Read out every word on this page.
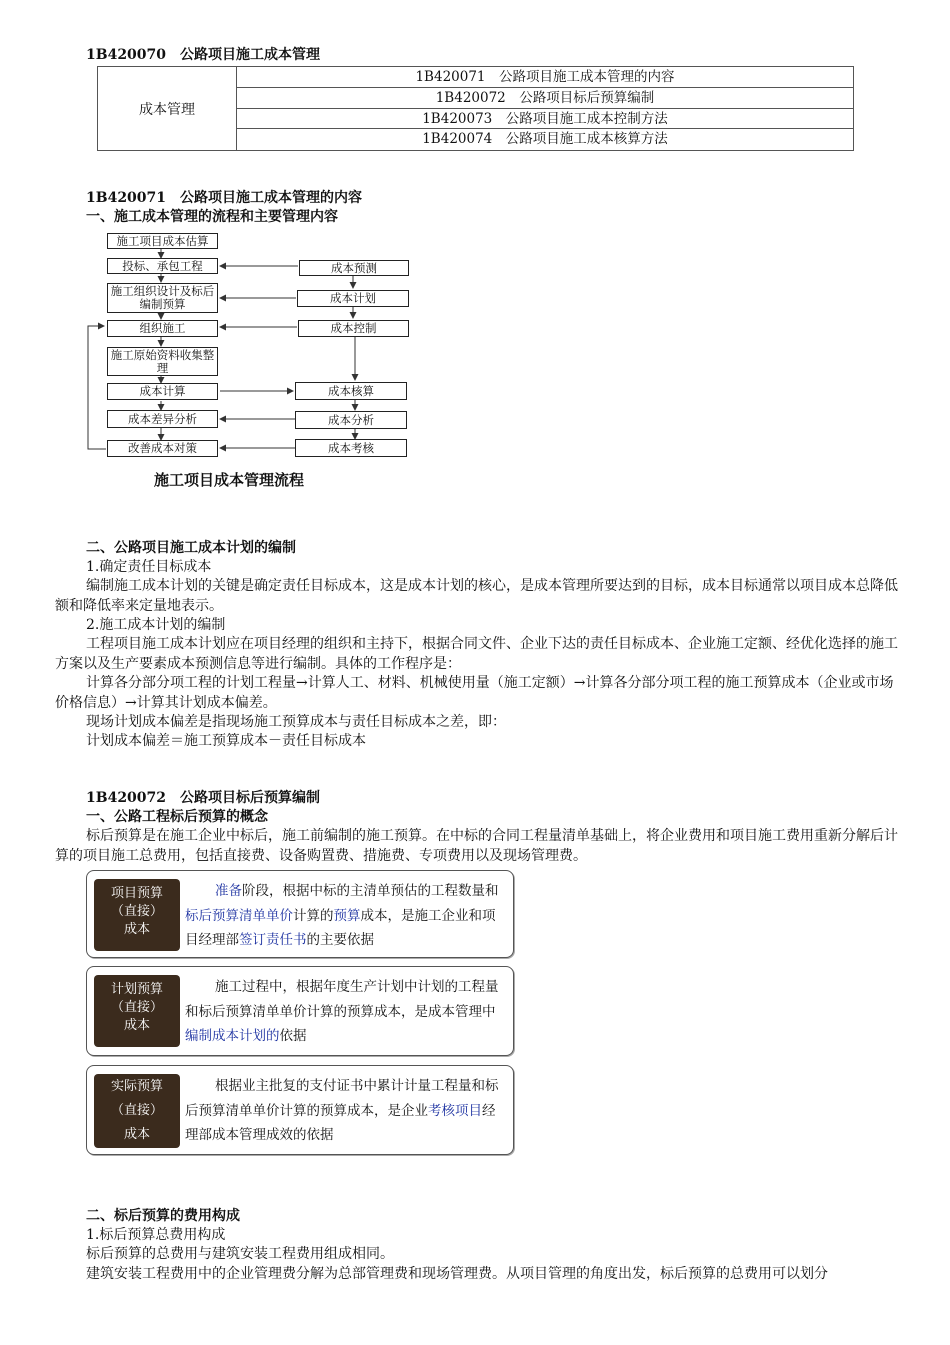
1B420070　公路项目施工成本管理
成本管理
1B420071　公路项目施工成本管理的内容
1B420072　公路项目标后预算编制
1B420073　公路项目施工成本控制方法
1B420074　公路项目施工成本核算方法
1B420071　公路项目施工成本管理的内容
一、施工成本管理的流程和主要管理内容
施工项目成本估算
投标、承包工程
施工组织设计及标后编制预算
组织施工
施工原始资料收集整理
成本计算
成本差异分析
改善成本对策
成本预测
成本计划
成本控制
成本核算
成本分析
成本考核
施工项目成本管理流程
二、公路项目施工成本计划的编制
1.确定责任目标成本
编制施工成本计划的关键是确定责任目标成本，这是成本计划的核心，是成本管理所要达到的目标，成本目标通常以项目成本总降低额和降低率来定量地表示。
2.施工成本计划的编制
工程项目施工成本计划应在项目经理的组织和主持下，根据合同文件、企业下达的责任目标成本、企业施工定额、经优化选择的施工方案以及生产要素成本预测信息等进行编制。具体的工作程序是：
计算各分部分项工程的计划工程量→计算人工、材料、机械使用量（施工定额）→计算各分部分项工程的施工预算成本（企业或市场价格信息）→计算其计划成本偏差。
现场计划成本偏差是指现场施工预算成本与责任目标成本之差，即：
计划成本偏差＝施工预算成本－责任目标成本
1B420072　公路项目标后预算编制
一、公路工程标后预算的概念
标后预算是在施工企业中标后，施工前编制的施工预算。在中标的合同工程量清单基础上，将企业费用和项目施工费用重新分解后计算的项目施工总费用，包括直接费、设备购置费、措施费、专项费用以及现场管理费。
项目预算
（直接）
成本
准备阶段，根据中标的主清单预估的工程数量和标后预算清单单价计算的预算成本，是施工企业和项目经理部签订责任书的主要依据
计划预算
（直接）
成本
施工过程中，根据年度生产计划中计划的工程量和标后预算清单单价计算的预算成本，是成本管理中编制成本计划的依据
实际预算
（直接）
成本
根据业主批复的支付证书中累计计量工程量和标后预算清单单价计算的预算成本，是企业考核项目经理部成本管理成效的依据
二、标后预算的费用构成
1.标后预算总费用构成
标后预算的总费用与建筑安装工程费用组成相同。
建筑安装工程费用中的企业管理费分解为总部管理费和现场管理费。从项目管理的角度出发，标后预算的总费用可以划分
